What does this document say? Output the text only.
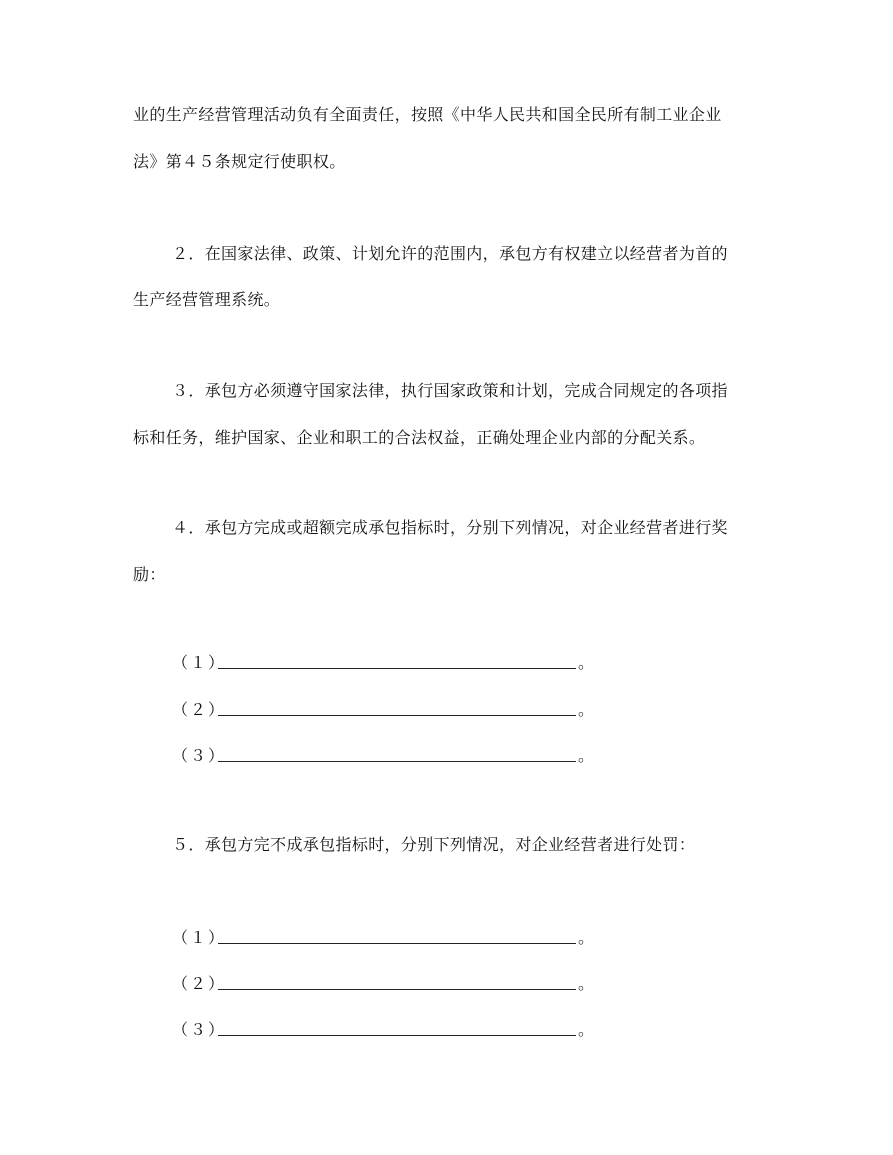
业的生产经营管理活动负有全面责任，按照《中华人民共和国全民所有制工业企业
法》第４５条规定行使职权。
２．在国家法律、政策、计划允许的范围内，承包方有权建立以经营者为首的
生产经营管理系统。
３．承包方必须遵守国家法律，执行国家政策和计划，完成合同规定的各项指
标和任务，维护国家、企业和职工的合法权益，正确处理企业内部的分配关系。
４．承包方完成或超额完成承包指标时，分别下列情况，对企业经营者进行奖
励：
（１）	。
（２）	。
（３）	。
５．承包方完不成承包指标时，分别下列情况，对企业经营者进行处罚：
（１）	。
（２）	。
（３）	。
